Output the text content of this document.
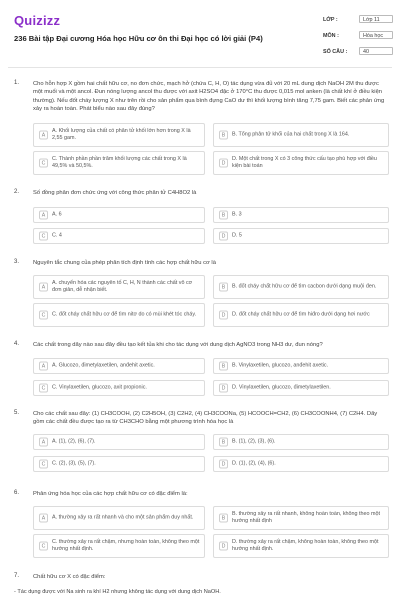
Quizizz
236 Bài tập Đại cương Hóa học Hữu cơ ôn thi Đại học có lời giải (P4)
LỚP :	Lớp 11
MÔN :	Hóa học
SỐ CÂU :	40
1. Cho hỗn hợp X gồm hai chất hữu cơ, no đơn chức, mạch hở (chứa C, H, O) tác dụng vừa đủ với 20 mL dung dịch NaOH 2M thu được một muối và một ancol. Đun nóng lượng ancol thu được với axit H2SO4 đặc ở 170°C thu được 0,015 mol anken (là chất khí ở điều kiện thường). Nếu đốt cháy lượng X như trên rồi cho sản phẩm qua bình đựng CaO dư thì khối lượng bình tăng 7,75 gam. Biết các phản ứng xảy ra hoàn toàn. Phát biểu nào sau đây đúng?
A
A. Khối lượng của chất có phân tử khối lớn hơn trong X là 2,55 gam.	B	B. Tổng phân tử khối của hai chất trong X là 164.
C
C. Thành phần phần trăm khối lượng các chất trong X là 49,5% và 50,5%.	D
D. Một chất trong X có 3 công thức cấu tạo phù hợp với điều kiện bài toán
2. Số đồng phân đơn chức ứng với công thức phân tử C4H8O2 là
A	A. 6	B	B. 3
C	C. 4	D	D. 5
3. Nguyên tắc chung của phép phân tích định tính các hợp chất hữu cơ là
A
A. chuyển hóa các nguyên tố C, H, N thành các chất vô cơ đơn giản, dễ nhận biết.	B	B. đốt cháy chất hữu cơ để tìm cacbon dưới dạng muội đen.
C	C. đốt cháy chất hữu cơ để tìm nitơ do có mùi khét tóc cháy.	D	D. đốt cháy chất hữu cơ để tìm hiđro dưới dạng hơi nước
4. Các chất trong dãy nào sau đây đều tạo kết tủa khi cho tác dụng với dung dịch AgNO3 trong NH3 dư, đun nóng?
A	A. Glucozo, đimetylaxetilen, anđehit axetic.	B	B. Vinylaxetilen, glucozo, anđehit axetic.
C	C. Vinylaxetilen, glucozo, axit propionic.	D	D. Vinylaxetilen, glucozo, đimetylaxetilen.
5. Cho các chất sau đây: (1) CH3COOH, (2) C2H5OH, (3) C2H2, (4) CH3COONa, (5) HCOOCH=CH2, (6) CH3COONH4, (7) C2H4. Dãy gồm các chất đều được tạo ra từ CH3CHO bằng một phương trình hóa học là
A	A. (1), (2), (6), (7).	B	B. (1), (2), (3), (6).
C	C. (2), (3), (5), (7).	D	D. (1), (2), (4), (6).
6. Phản ứng hóa học của các hợp chất hữu cơ có đặc điểm là:
A	A. thường xảy ra rất nhanh và cho một sản phẩm duy nhất.	B
B. thường xảy ra rất nhanh, không hoàn toàn, không theo một hướng nhất định
C
C. thường xảy ra rất chậm, nhưng hoàn toàn, không theo một hướng nhất định.	D
D. thường xảy ra rất chậm, không hoàn toàn, không theo một hướng nhất định.
7. Chất hữu cơ X có đặc điểm:
- Tác dụng được với Na sinh ra khí H2 nhưng không tác dụng với dung dịch NaOH.
